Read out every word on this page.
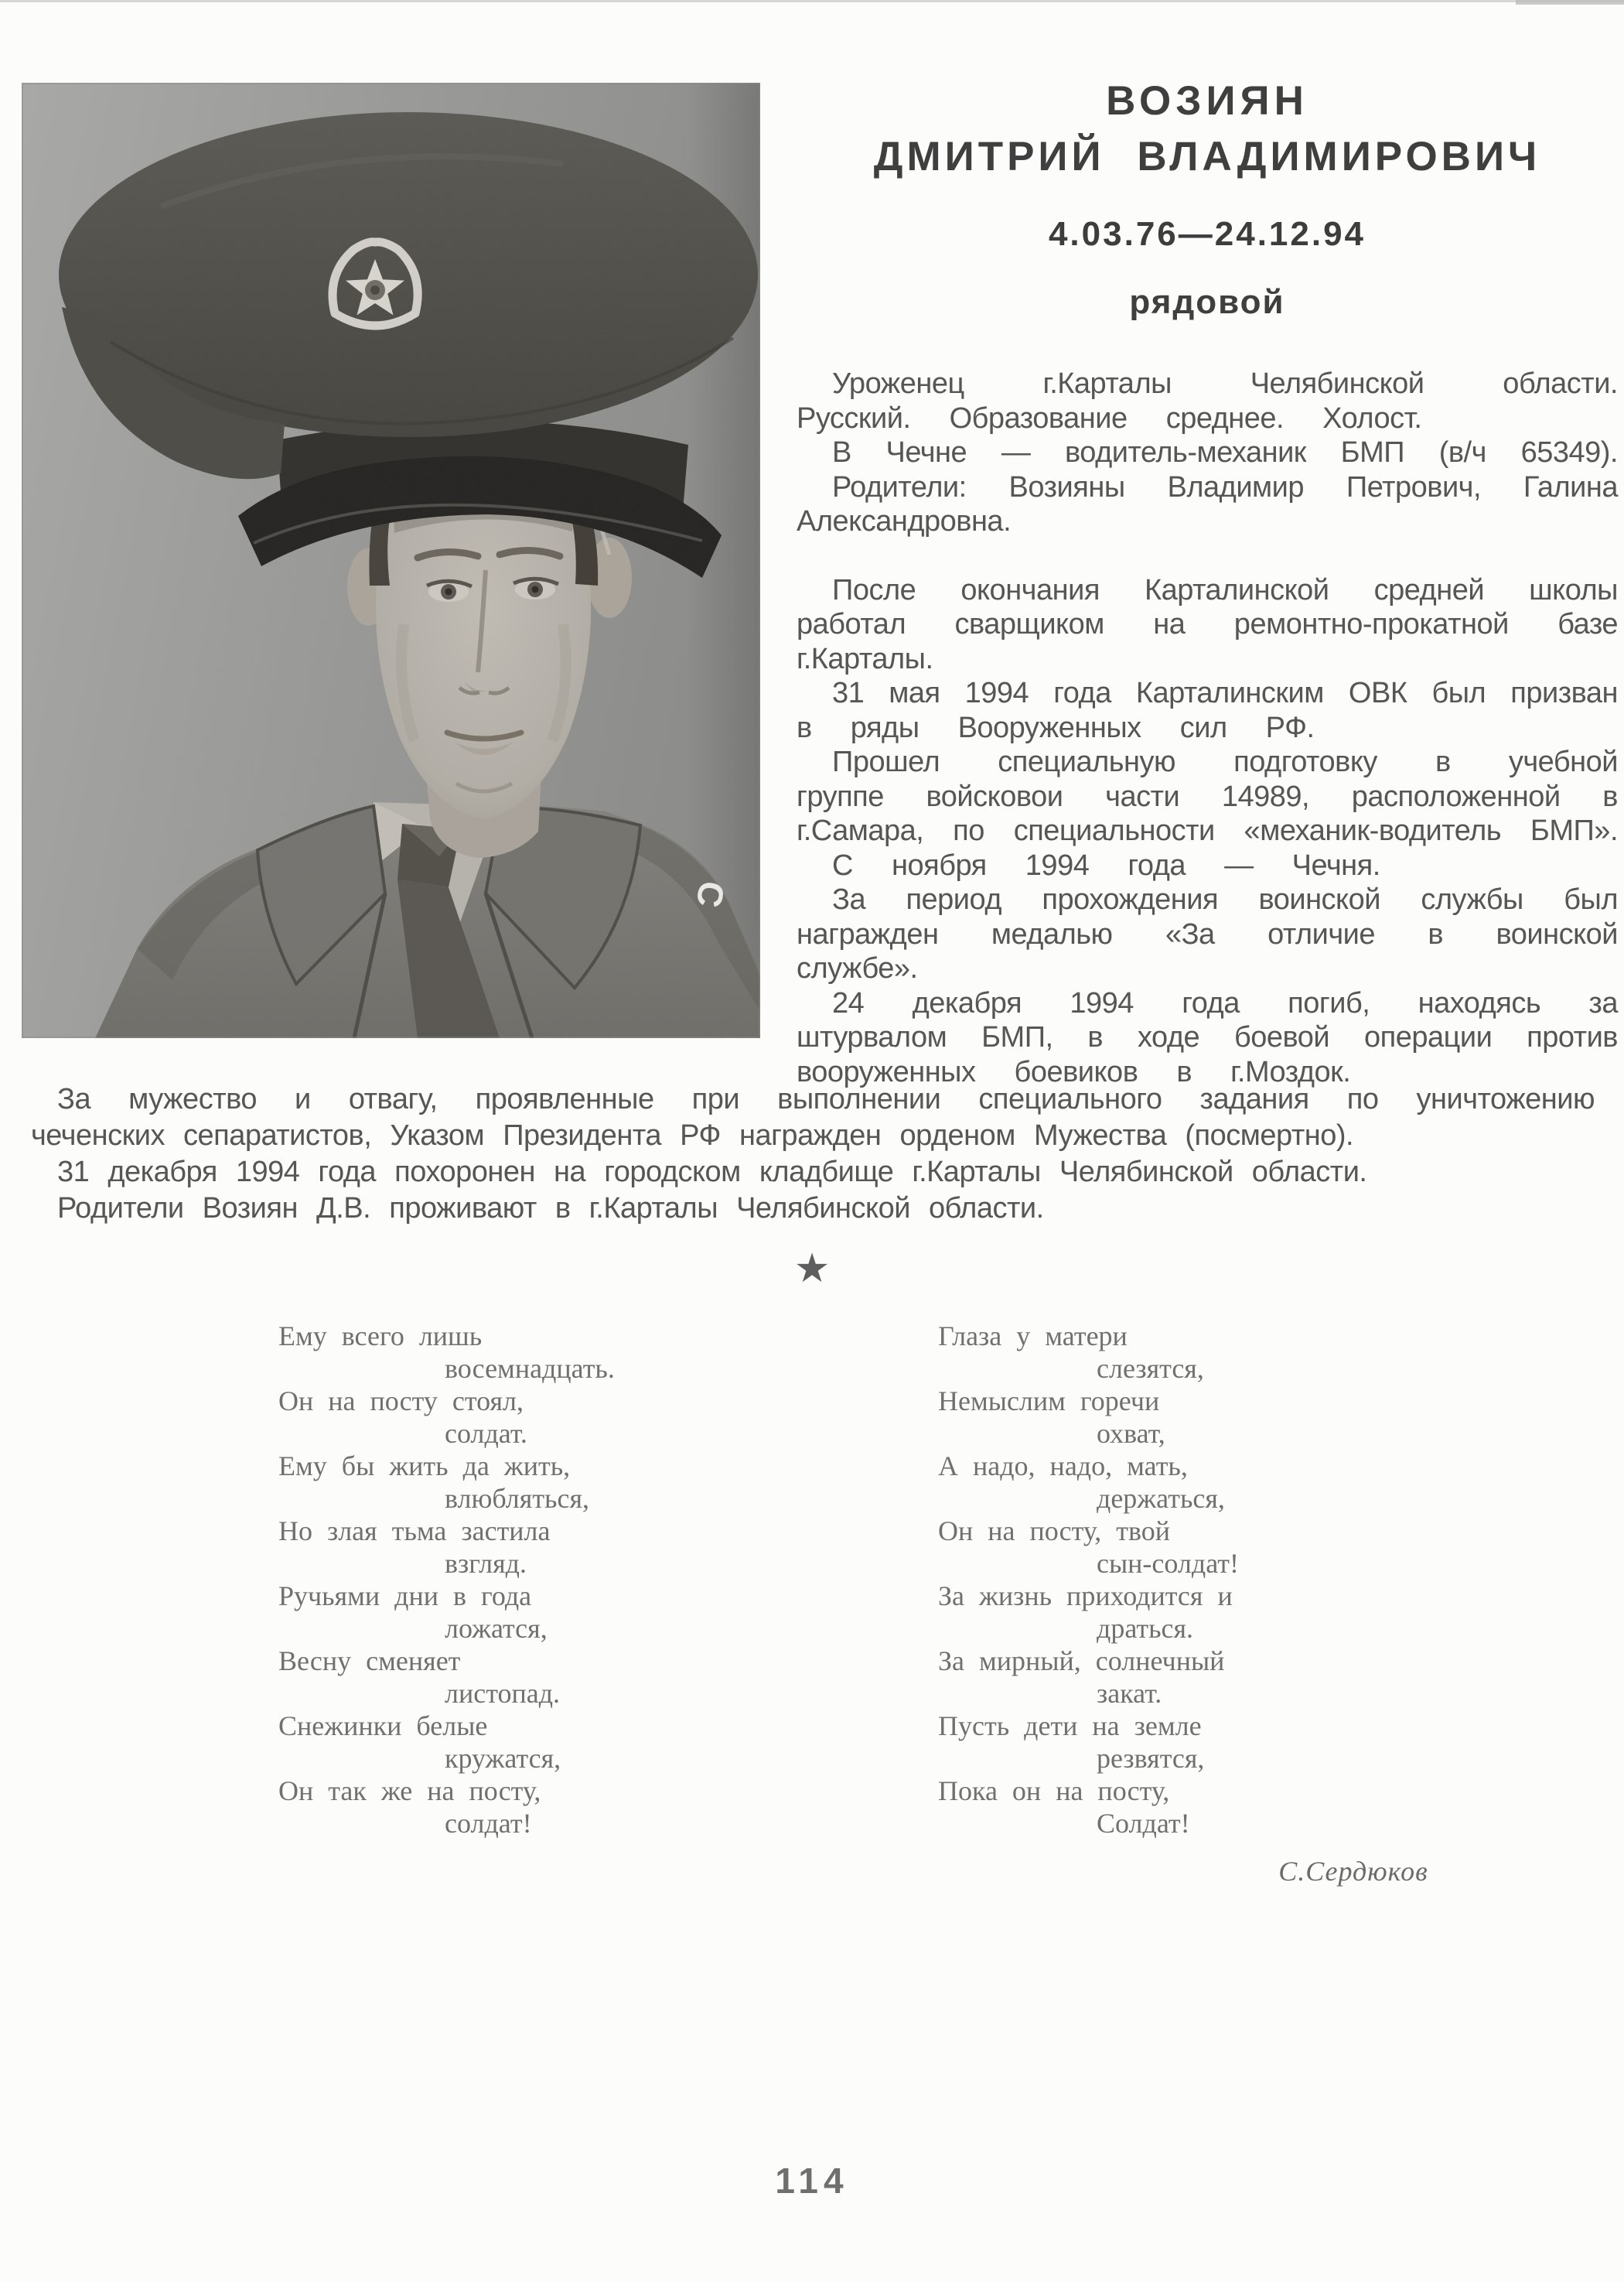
С
ВОЗИЯН
ДМИТРИЙ ВЛАДИМИРОВИЧ
4.03.76—24.12.94
рядовой
Уроженец г.Карталы Челябинской области.
Русский. Образование среднее. Холост.
В Чечне — водитель-механик БМП (в/ч 65349).
Родители: Возияны Владимир Петрович, Галина
Александровна.
После окончания Карталинской средней школы
работал сварщиком на ремонтно-прокатной базе
г.Карталы.
31 мая 1994 года Карталинским ОВК был призван
в ряды Вооруженных сил РФ.
Прошел специальную подготовку в учебной
группе войсковои части 14989, расположенной в
г.Самара, по специальности «механик-водитель БМП».
С ноября 1994 года — Чечня.
За период прохождения воинской службы был
награжден медалью «За отличие в воинской
службе».
24 декабря 1994 года погиб, находясь за
штурвалом БМП, в ходе боевой операции против
вооруженных боевиков в г.Моздок.
За мужество и отвагу, проявленные при выполнении специального задания по уничтожению
чеченских сепаратистов, Указом Президента РФ награжден орденом Мужества (посмертно).
31 декабря 1994 года похоронен на городском кладбище г.Карталы Челябинской области.
Родители Возиян Д.В. проживают в г.Карталы Челябинской области.
★
Ему всего лишь
восемнадцать.
Он на посту стоял,
солдат.
Ему бы жить да жить,
влюбляться,
Но злая тьма застила
взгляд.
Ручьями дни в года
ложатся,
Весну сменяет
листопад.
Снежинки белые
кружатся,
Он так же на посту,
солдат!
Глаза у матери
слезятся,
Немыслим горечи
охват,
А надо, надо, мать,
держаться,
Он на посту, твой
сын-солдат!
За жизнь приходится и
драться.
За мирный, солнечный
закат.
Пусть дети на земле
резвятся,
Пока он на посту,
Солдат!
С.Сердюков
114
